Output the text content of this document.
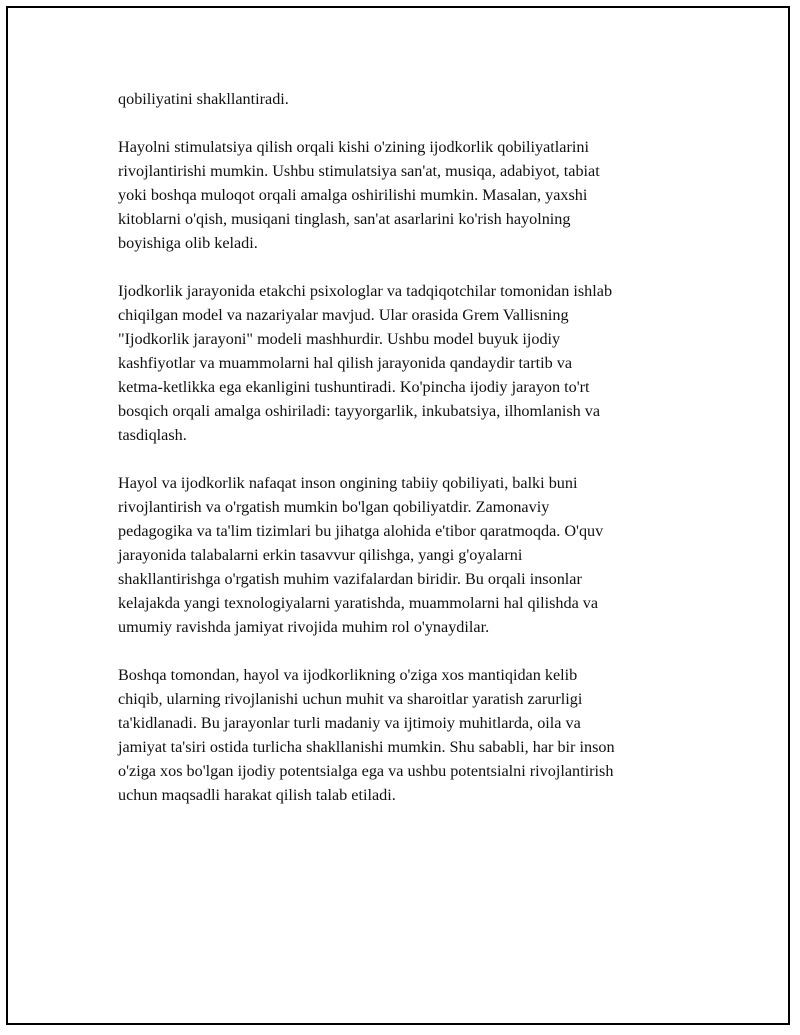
qobiliyatini shakllantiradi.

Hayolni stimulatsiya qilish orqali kishi o'zining ijodkorlik qobiliyatlarini
rivojlantirishi mumkin. Ushbu stimulatsiya san'at, musiqa, adabiyot, tabiat
yoki boshqa muloqot orqali amalga oshirilishi mumkin. Masalan, yaxshi
kitoblarni o'qish, musiqani tinglash, san'at asarlarini ko'rish hayolning
boyishiga olib keladi.

Ijodkorlik jarayonida etakchi psixologlar va tadqiqotchilar tomonidan ishlab
chiqilgan model va nazariyalar mavjud. Ular orasida Grem Vallisning
"Ijodkorlik jarayoni" modeli mashhurdir. Ushbu model buyuk ijodiy
kashfiyotlar va muammolarni hal qilish jarayonida qandaydir tartib va
ketma-ketlikka ega ekanligini tushuntiradi. Ko'pincha ijodiy jarayon to'rt
bosqich orqali amalga oshiriladi: tayyorgarlik, inkubatsiya, ilhomlanish va
tasdiqlash.

Hayol va ijodkorlik nafaqat inson ongining tabiiy qobiliyati, balki buni
rivojlantirish va o'rgatish mumkin bo'lgan qobiliyatdir. Zamonaviy
pedagogika va ta'lim tizimlari bu jihatga alohida e'tibor qaratmoqda. O'quv
jarayonida talabalarni erkin tasavvur qilishga, yangi g'oyalarni
shakllantirishga o'rgatish muhim vazifalardan biridir. Bu orqali insonlar
kelajakda yangi texnologiyalarni yaratishda, muammolarni hal qilishda va
umumiy ravishda jamiyat rivojida muhim rol o'ynaydilar.

Boshqa tomondan, hayol va ijodkorlikning o'ziga xos mantiqidan kelib
chiqib, ularning rivojlanishi uchun muhit va sharoitlar yaratish zarurligi
ta'kidlanadi. Bu jarayonlar turli madaniy va ijtimoiy muhitlarda, oila va
jamiyat ta'siri ostida turlicha shakllanishi mumkin. Shu sababli, har bir inson
o'ziga xos bo'lgan ijodiy potentsialga ega va ushbu potentsialni rivojlantirish
uchun maqsadli harakat qilish talab etiladi.
